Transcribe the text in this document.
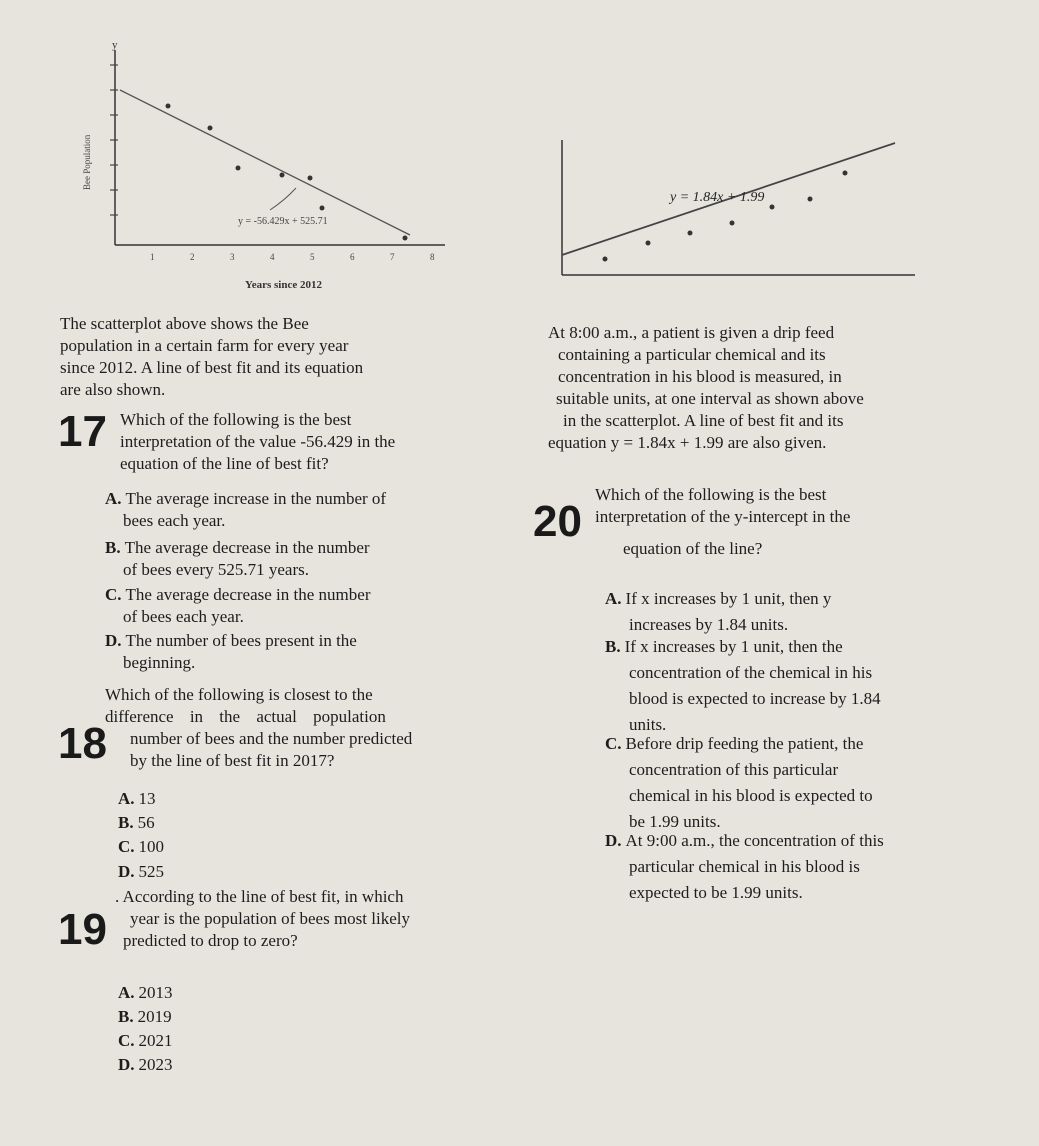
y
Bee Population
1	2	3	4	5	6	7	8
Years since 2012
y = -56.429x + 525.71
y = 1.84x + 1.99
The scatterplot above shows the Bee
population in a certain farm for every year
since 2012. A line of best fit and its equation
are also shown.
17 Which of the following is the best
interpretation of the value -56.429 in the
equation of the line of best fit?
A. The average increase in the number of
bees each year.
B. The average decrease in the number
of bees every 525.71 years.
C. The average decrease in the number
of bees each year.
D. The number of bees present in the
beginning.
Which of the following is closest to the
difference in the actual population
number of bees and the number predicted
by the line of best fit in 2017?
18
A. 13
B. 56
C. 100
D. 525
19
. According to the line of best fit, in which
year is the population of bees most likely
predicted to drop to zero?
A. 2013
B. 2019
C. 2021
D. 2023
At 8:00 a.m., a patient is given a drip feed
containing a particular chemical and its
concentration in his blood is measured, in
suitable units, at one interval as shown above
in the scatterplot. A line of best fit and its
equation y = 1.84x + 1.99 are also given.
20
Which of the following is the best
interpretation of the y-intercept in the
equation of the line?
A. If x increases by 1 unit, then y
increases by 1.84 units.
B. If x increases by 1 unit, then the
concentration of the chemical in his
blood is expected to increase by 1.84
units.
C. Before drip feeding the patient, the
concentration of this particular
chemical in his blood is expected to
be 1.99 units.
D. At 9:00 a.m., the concentration of this
particular chemical in his blood is
expected to be 1.99 units.
